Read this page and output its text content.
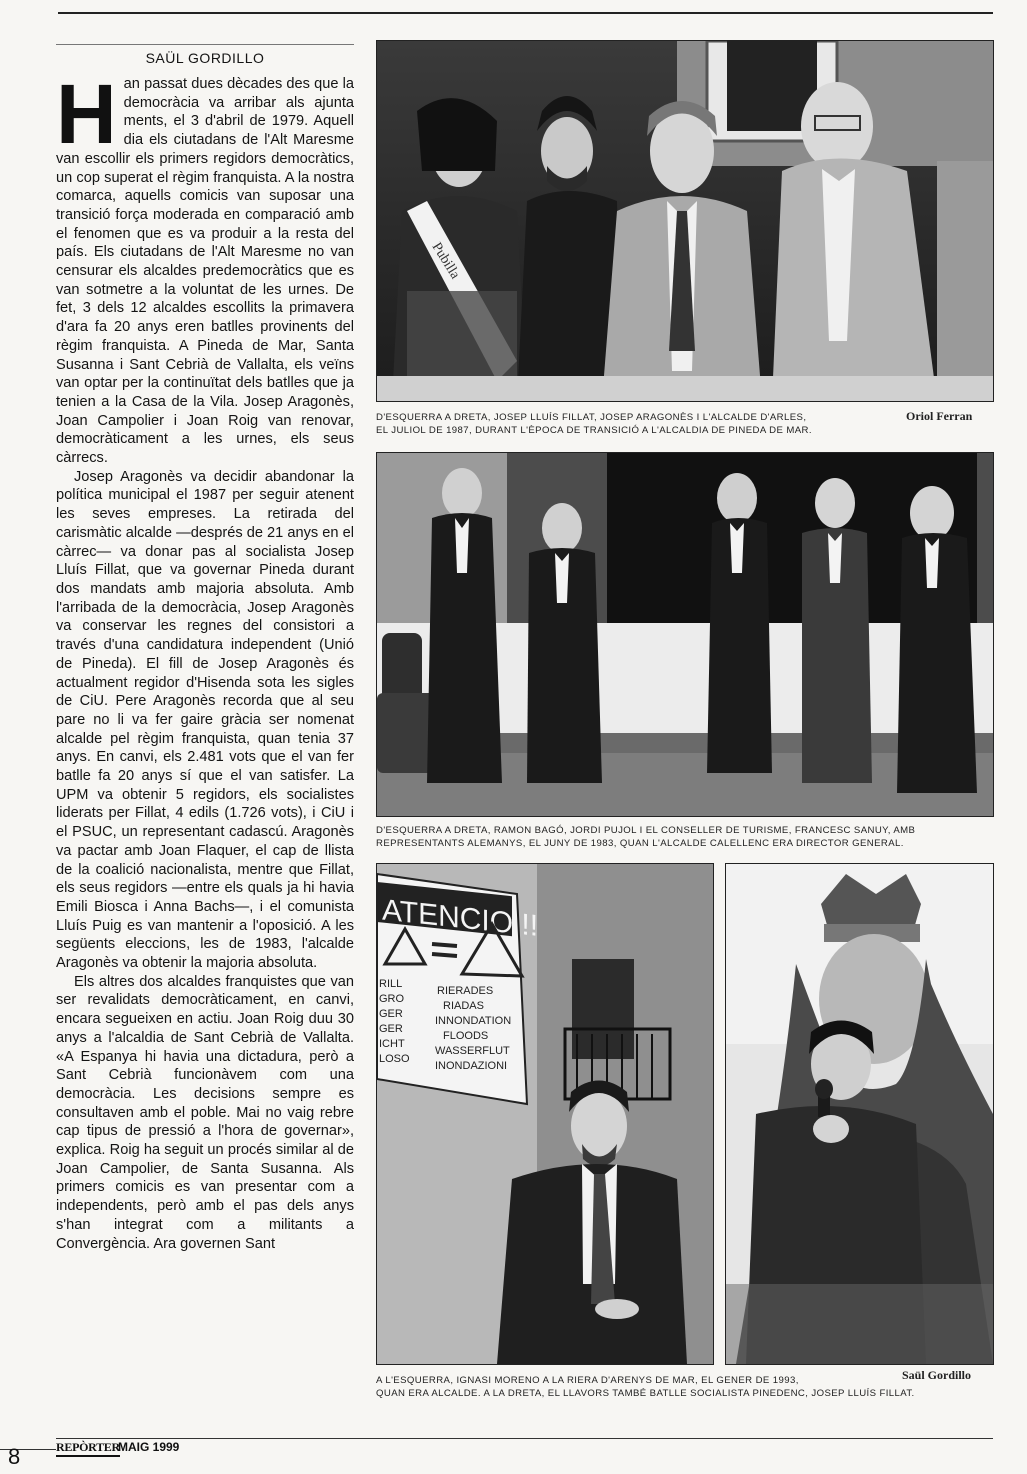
SAÜL GORDILLO

Han passat dues dècades des que la democràcia va arribar als ajunta ments, el 3 d'abril de 1979. Aquell dia els ciutadans de l'Alt Maresme van escollir els primers regidors democràtics, un cop superat el règim franquista. A la nostra comarca, aquells comicis van suposar una transició força moderada en comparació amb el fenomen que es va produir a la resta del país. Els ciutadans de l'Alt Maresme no van censurar els alcaldes predemocràtics que es van sotmetre a la voluntat de les urnes. De fet, 3 dels 12 alcaldes escollits la primavera d'ara fa 20 anys eren batlles provinents del règim franquista. A Pineda de Mar, Santa Susanna i Sant Cebrià de Vallalta, els veïns van optar per la continuïtat dels batlles que ja tenien a la Casa de la Vila. Josep Aragonès, Joan Campolier i Joan Roig van renovar, democràticament a les urnes, els seus càrrecs.

Josep Aragonès va decidir abandonar la política municipal el 1987 per seguir atenent les seves empreses. La retirada del carismàtic alcalde —després de 21 anys en el càrrec— va donar pas al socialista Josep Lluís Fillat, que va governar Pineda durant dos mandats amb majoria absoluta. Amb l'arribada de la democràcia, Josep Aragonès va conservar les regnes del consistori a través d'una candidatura independent (Unió de Pineda). El fill de Josep Aragonès és actualment regidor d'Hisenda sota les sigles de CiU. Pere Aragonès recorda que al seu pare no li va fer gaire gràcia ser nomenat alcalde pel règim franquista, quan tenia 37 anys. En canvi, els 2.481 vots que el van fer batlle fa 20 anys sí que el van satisfer. La UPM va obtenir 5 regidors, els socialistes liderats per Fillat, 4 edils (1.726 vots), i CiU i el PSUC, un representant cadascú. Aragonès va pactar amb Joan Flaquer, el cap de llista de la coalició nacionalista, mentre que Fillat, els seus regidors —entre els quals ja hi havia Emili Biosca i Anna Bachs—, i el comunista Lluís Puig es van mantenir a l'oposició. A les següents eleccions, les de 1983, l'alcalde Aragonès va obtenir la majoria absoluta.

Els altres dos alcaldes franquistes que van ser revalidats democràticament, en canvi, encara segueixen en actiu. Joan Roig duu 30 anys a l'alcaldia de Sant Cebrià de Vallalta. «A Espanya hi havia una dictadura, però a Sant Cebrià funcionàvem com una democràcia. Les decisions sempre es consultaven amb el poble. Mai no vaig rebre cap tipus de pressió a l'hora de governar», explica. Roig ha seguit un procés similar al de Joan Campolier, de Santa Susanna. Als primers comicis es van presentar com a independents, però amb el pas dels anys s'han integrat com a militants a Convergència. Ara governen Sant

Pubilla
D'ESQUERRA A DRETA, JOSEP LLUÍS FILLAT, JOSEP ARAGONÈS I L'ALCALDE D'ARLES,
EL JULIOL DE 1987, DURANT L'ÈPOCA DE TRANSICIÓ A L'ALCALDIA DE PINEDA DE MAR.
Oriol Ferran
D'ESQUERRA A DRETA, RAMON BAGÓ, JORDI PUJOL I EL CONSELLER DE TURISME, FRANCESC SANUY, AMB
REPRESENTANTS ALEMANYS, EL JUNY DE 1983, QUAN L'ALCALDE CALELLENC ERA DIRECTOR GENERAL.
ATENCIO !!
RILL
GRO
GER
GER
ICHT
LOSO
RIERADES
RIADAS
INNONDATION
FLOODS
WASSERFLUT
INONDAZIONI
A L'ESQUERRA, IGNASI MORENO A LA RIERA D'ARENYS DE MAR, EL GENER DE 1993,
QUAN ERA ALCALDE. A LA DRETA, EL LLAVORS TAMBÉ BATLLE SOCIALISTA PINEDENC, JOSEP LLUÍS FILLAT.
Saül Gordillo
8	REPÒRTER
MAIG 1999
